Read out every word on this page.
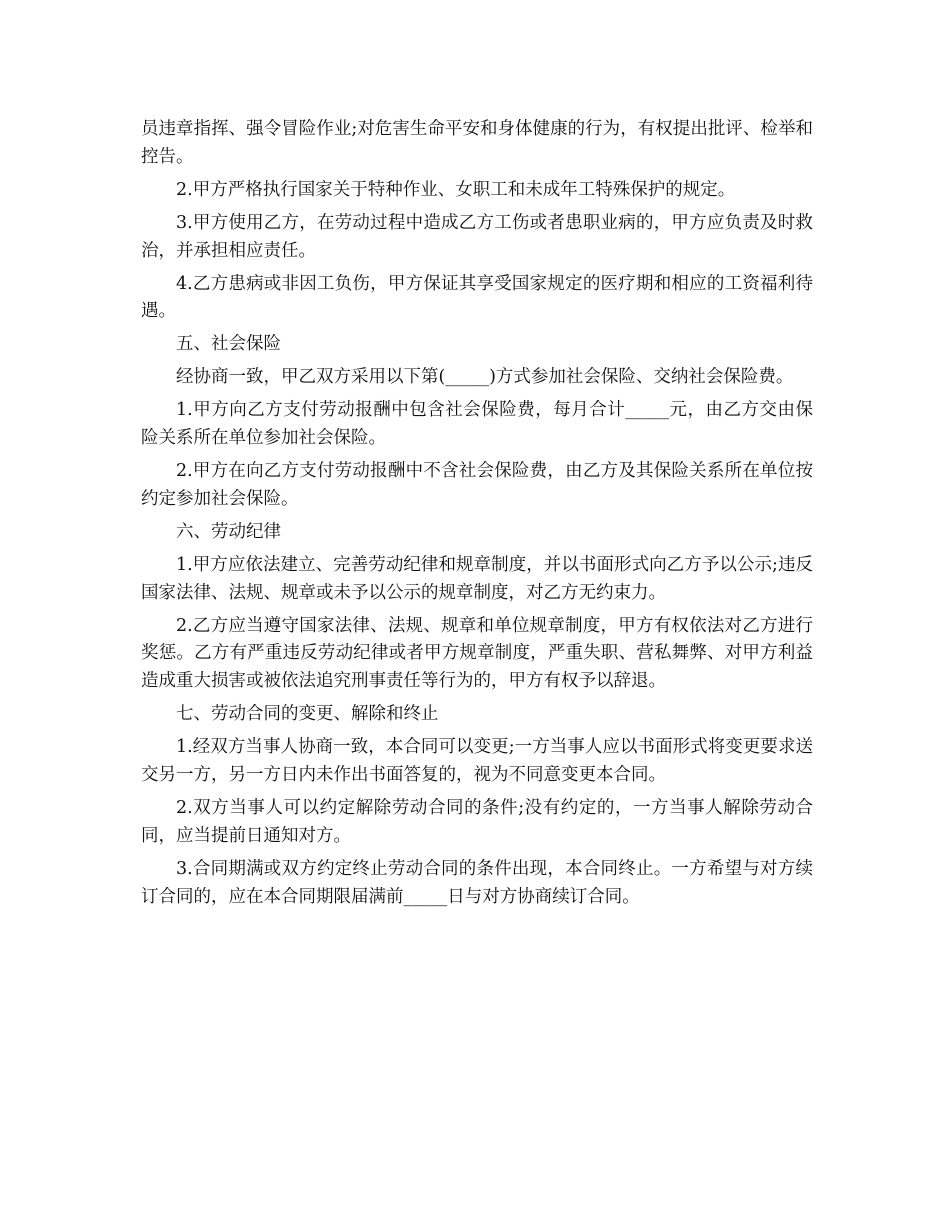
员违章指挥、强令冒险作业;对危害生命平安和身体健康的行为，有权提出批评、检举和控告。

2.甲方严格执行国家关于特种作业、女职工和未成年工特殊保护的规定。

3.甲方使用乙方，在劳动过程中造成乙方工伤或者患职业病的，甲方应负责及时救治，并承担相应责任。

4.乙方患病或非因工负伤，甲方保证其享受国家规定的医疗期和相应的工资福利待遇。

五、社会保险

经协商一致，甲乙双方采用以下第(_____)方式参加社会保险、交纳社会保险费。

1.甲方向乙方支付劳动报酬中包含社会保险费，每月合计_____元，由乙方交由保险关系所在单位参加社会保险。

2.甲方在向乙方支付劳动报酬中不含社会保险费，由乙方及其保险关系所在单位按约定参加社会保险。

六、劳动纪律

1.甲方应依法建立、完善劳动纪律和规章制度，并以书面形式向乙方予以公示;违反国家法律、法规、规章或未予以公示的规章制度，对乙方无约束力。

2.乙方应当遵守国家法律、法规、规章和单位规章制度，甲方有权依法对乙方进行奖惩。乙方有严重违反劳动纪律或者甲方规章制度，严重失职、营私舞弊、对甲方利益造成重大损害或被依法追究刑事责任等行为的，甲方有权予以辞退。

七、劳动合同的变更、解除和终止

1.经双方当事人协商一致，本合同可以变更;一方当事人应以书面形式将变更要求送交另一方，另一方日内未作出书面答复的，视为不同意变更本合同。

2.双方当事人可以约定解除劳动合同的条件;没有约定的，一方当事人解除劳动合同，应当提前日通知对方。

3.合同期满或双方约定终止劳动合同的条件出现，本合同终止。一方希望与对方续订合同的，应在本合同期限届满前_____日与对方协商续订合同。
